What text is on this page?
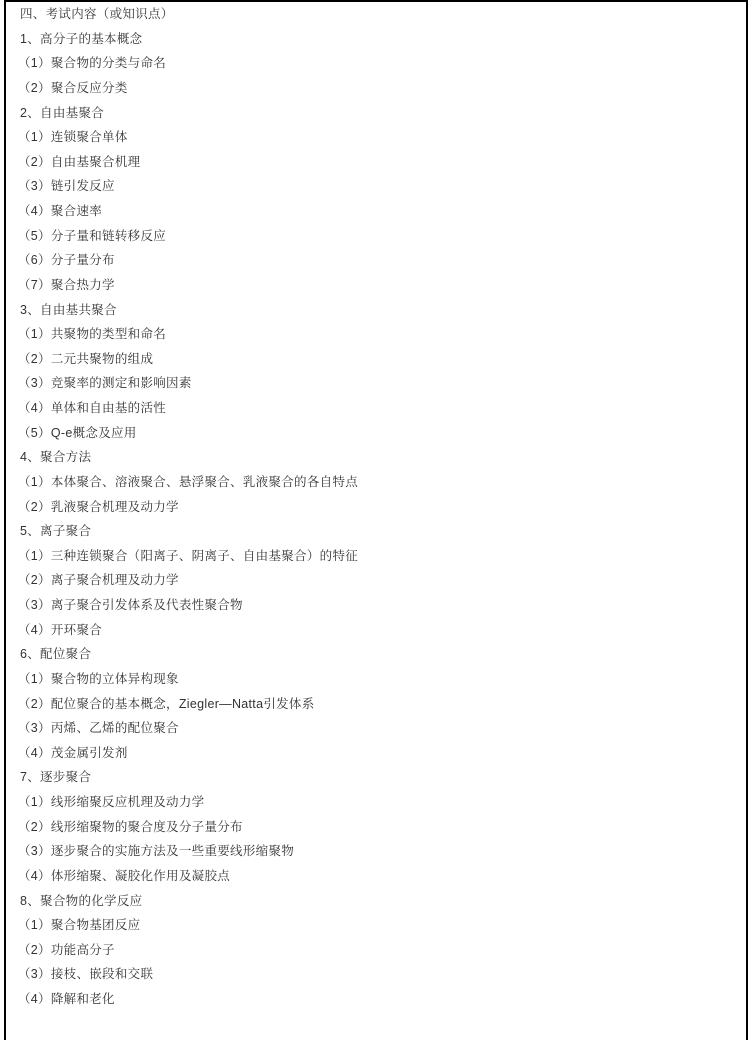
四、考试内容（或知识点）
1、高分子的基本概念
（1）聚合物的分类与命名
（2）聚合反应分类
2、自由基聚合
（1）连锁聚合单体
（2）自由基聚合机理
（3）链引发反应
（4）聚合速率
（5）分子量和链转移反应
（6）分子量分布
（7）聚合热力学
3、自由基共聚合
（1）共聚物的类型和命名
（2）二元共聚物的组成
（3）竞聚率的测定和影响因素
（4）单体和自由基的活性
（5）Q-e概念及应用
4、聚合方法
（1）本体聚合、溶液聚合、悬浮聚合、乳液聚合的各自特点
（2）乳液聚合机理及动力学
5、离子聚合
（1）三种连锁聚合（阳离子、阴离子、自由基聚合）的特征
（2）离子聚合机理及动力学
（3）离子聚合引发体系及代表性聚合物
（4）开环聚合
6、配位聚合
（1）聚合物的立体异构现象
（2）配位聚合的基本概念，Ziegler—Natta引发体系
（3）丙烯、乙烯的配位聚合
（4）茂金属引发剂
7、逐步聚合
（1）线形缩聚反应机理及动力学
（2）线形缩聚物的聚合度及分子量分布
（3）逐步聚合的实施方法及一些重要线形缩聚物
（4）体形缩聚、凝胶化作用及凝胶点
8、聚合物的化学反应
（1）聚合物基团反应
（2）功能高分子
（3）接枝、嵌段和交联
（4）降解和老化
